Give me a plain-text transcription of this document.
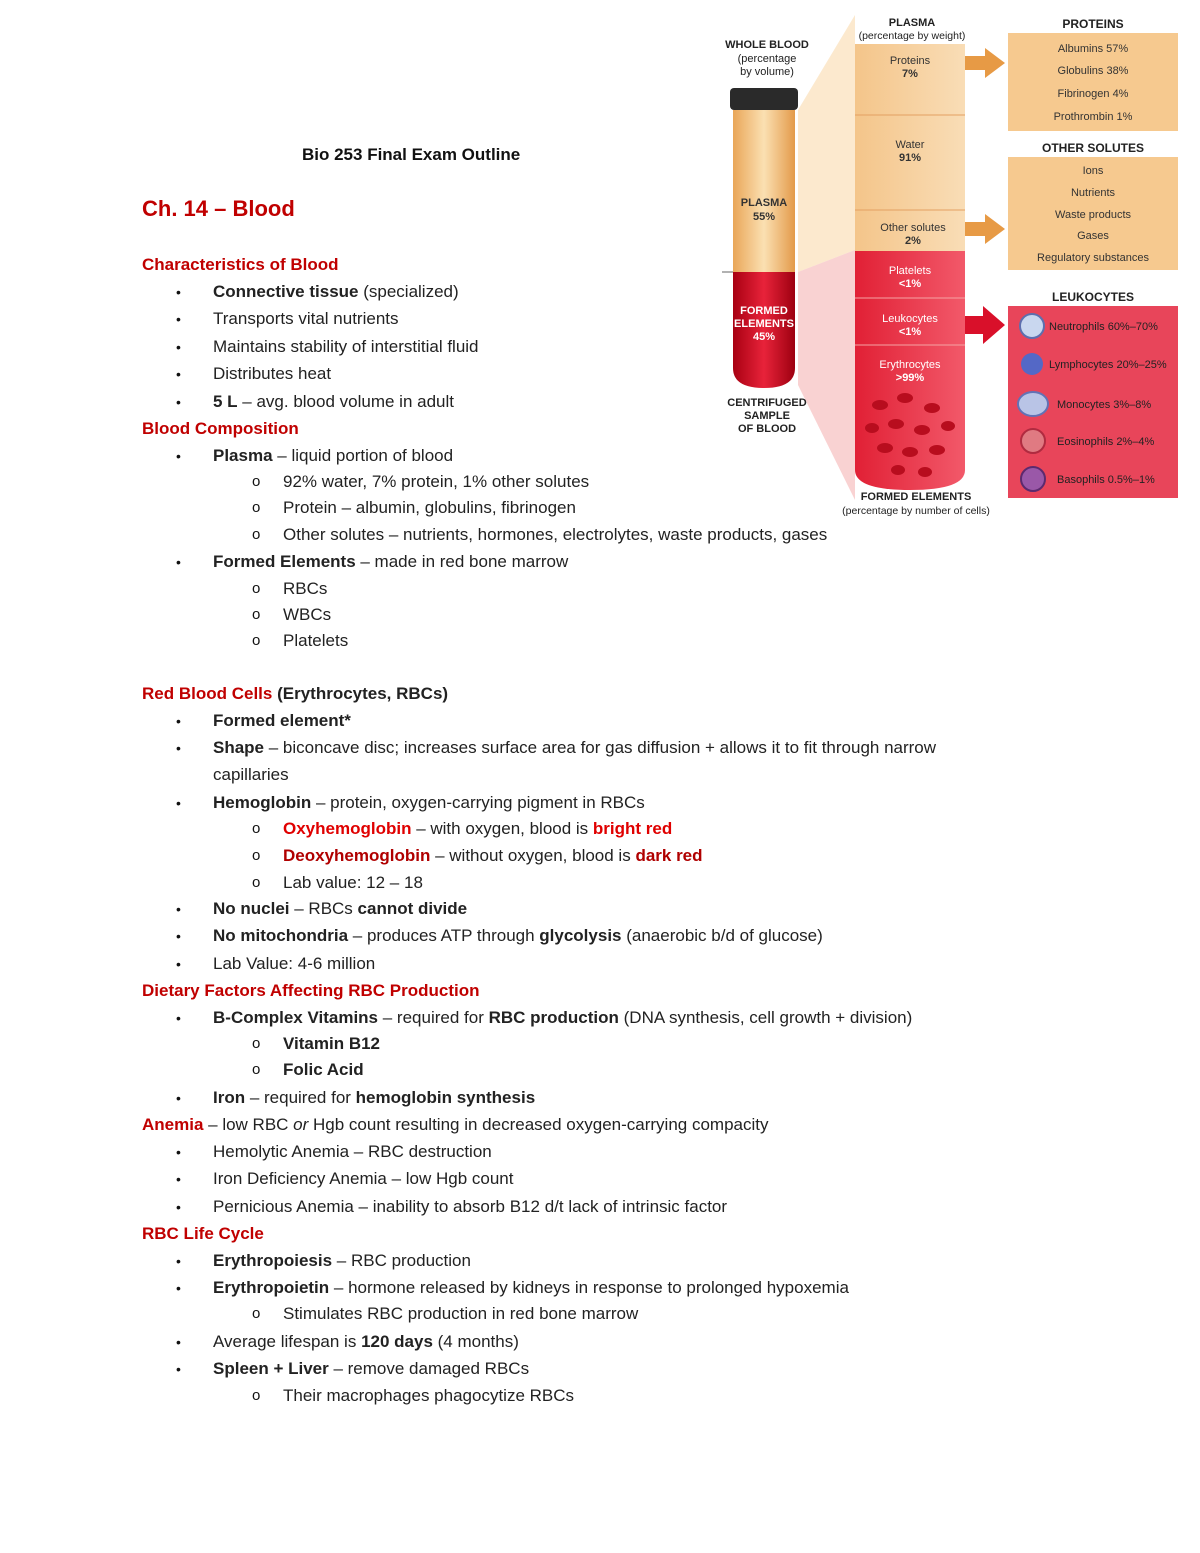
WHOLE BLOOD
(percentage
by volume)
PLASMA
55%
FORMED
ELEMENTS
45%
CENTRIFUGED
SAMPLE
OF BLOOD
PLASMA
(percentage by weight)
Proteins
7%
Water
91%
Other solutes
2%
Platelets
<1%
Leukocytes
<1%
Erythrocytes
>99%
FORMED ELEMENTS
(percentage by number of cells)
PROTEINS
Albumins 57%
Globulins 38%
Fibrinogen 4%
Prothrombin 1%
OTHER SOLUTES
Ions
Nutrients
Waste products
Gases
Regulatory substances
LEUKOCYTES
Neutrophils 60%–70%
Lymphocytes 20%–25%
Monocytes 3%–8%
Eosinophils 2%–4%
Basophils 0.5%–1%
Bio 253 Final Exam Outline
Ch. 14 – Blood
Characteristics of Blood
• Connective tissue (specialized)
• Transports vital nutrients
• Maintains stability of interstitial fluid
• Distributes heat
• 5 L – avg. blood volume in adult
Blood Composition
• Plasma – liquid portion of blood
o 92% water, 7% protein, 1% other solutes
o Protein – albumin, globulins, fibrinogen
o Other solutes – nutrients, hormones, electrolytes, waste products, gases
• Formed Elements – made in red bone marrow
o RBCs
o WBCs
o Platelets
Red Blood Cells (Erythrocytes, RBCs)
• Formed element*
• Shape – biconcave disc; increases surface area for gas diffusion + allows it to fit through narrow
capillaries
• Hemoglobin – protein, oxygen-carrying pigment in RBCs
o Oxyhemoglobin – with oxygen, blood is bright red
o Deoxyhemoglobin – without oxygen, blood is dark red
o Lab value: 12 – 18
• No nuclei – RBCs cannot divide
• No mitochondria – produces ATP through glycolysis (anaerobic b/d of glucose)
• Lab Value: 4-6 million
Dietary Factors Affecting RBC Production
• B-Complex Vitamins – required for RBC production (DNA synthesis, cell growth + division)
o Vitamin B12
o Folic Acid
• Iron – required for hemoglobin synthesis
Anemia – low RBC or Hgb count resulting in decreased oxygen-carrying compacity
• Hemolytic Anemia – RBC destruction
• Iron Deficiency Anemia – low Hgb count
• Pernicious Anemia – inability to absorb B12 d/t lack of intrinsic factor
RBC Life Cycle
• Erythropoiesis – RBC production
• Erythropoietin – hormone released by kidneys in response to prolonged hypoxemia
o Stimulates RBC production in red bone marrow
• Average lifespan is 120 days (4 months)
• Spleen + Liver – remove damaged RBCs
o Their macrophages phagocytize RBCs
